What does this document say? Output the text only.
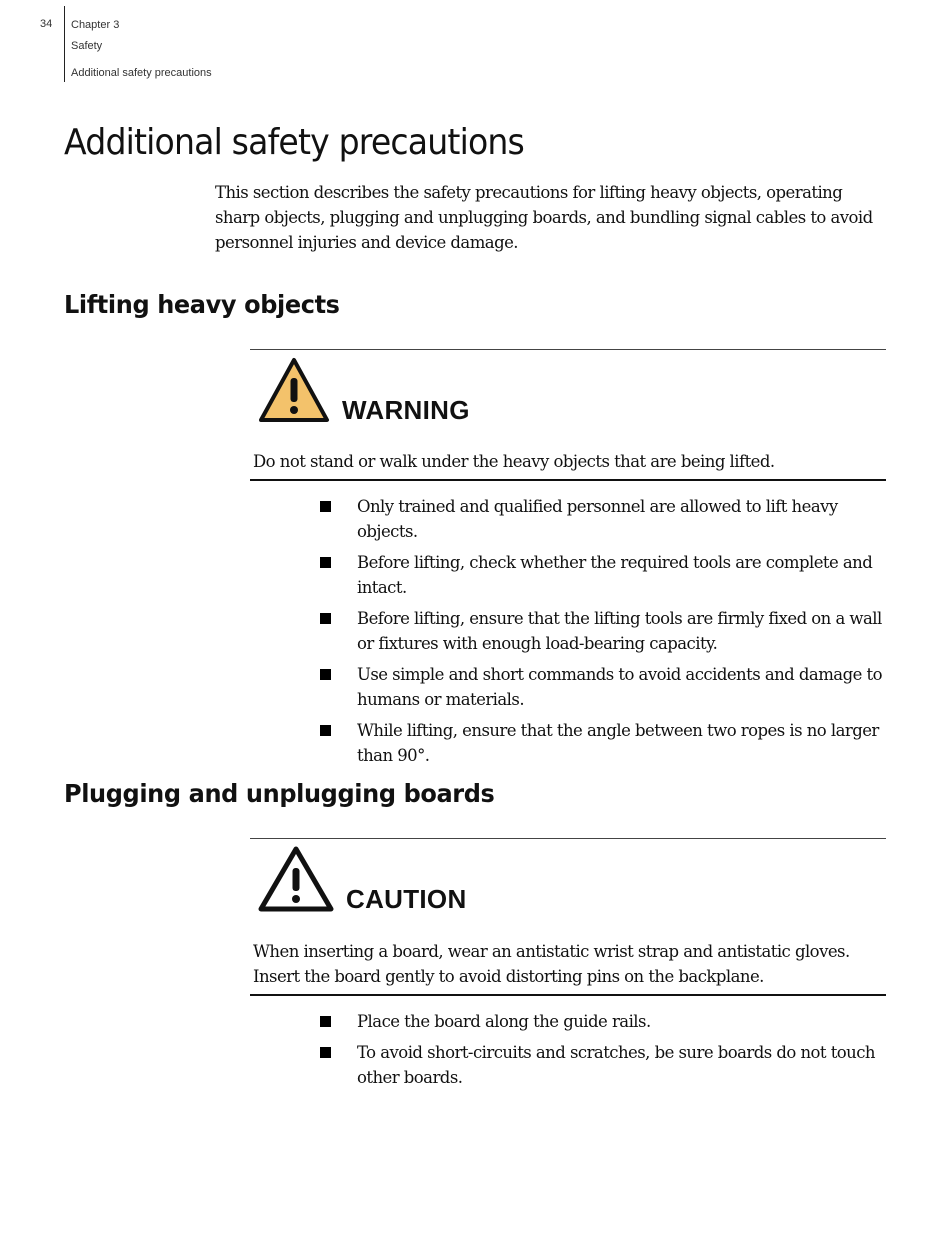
34 Chapter 3
Safety
Additional safety precautions
Additional safety precautions

This section describes the safety precautions for lifting heavy objects, operating sharp objects, plugging and unplugging boards, and bundling signal cables to avoid personnel injuries and device damage.

Lifting heavy objects
WARNING

Do not stand or walk under the heavy objects that are being lifted.

Only trained and qualified personnel are allowed to lift heavy objects.
Before lifting, check whether the required tools are complete and intact.
Before lifting, ensure that the lifting tools are firmly fixed on a wall or fixtures with enough load-bearing capacity.
Use simple and short commands to avoid accidents and damage to humans or materials.
While lifting, ensure that the angle between two ropes is no larger than 90°.
Plugging and unplugging boards
CAUTION

When inserting a board, wear an antistatic wrist strap and antistatic gloves. Insert the board gently to avoid distorting pins on the backplane.

Place the board along the guide rails.
To avoid short-circuits and scratches, be sure boards do not touch other boards.
